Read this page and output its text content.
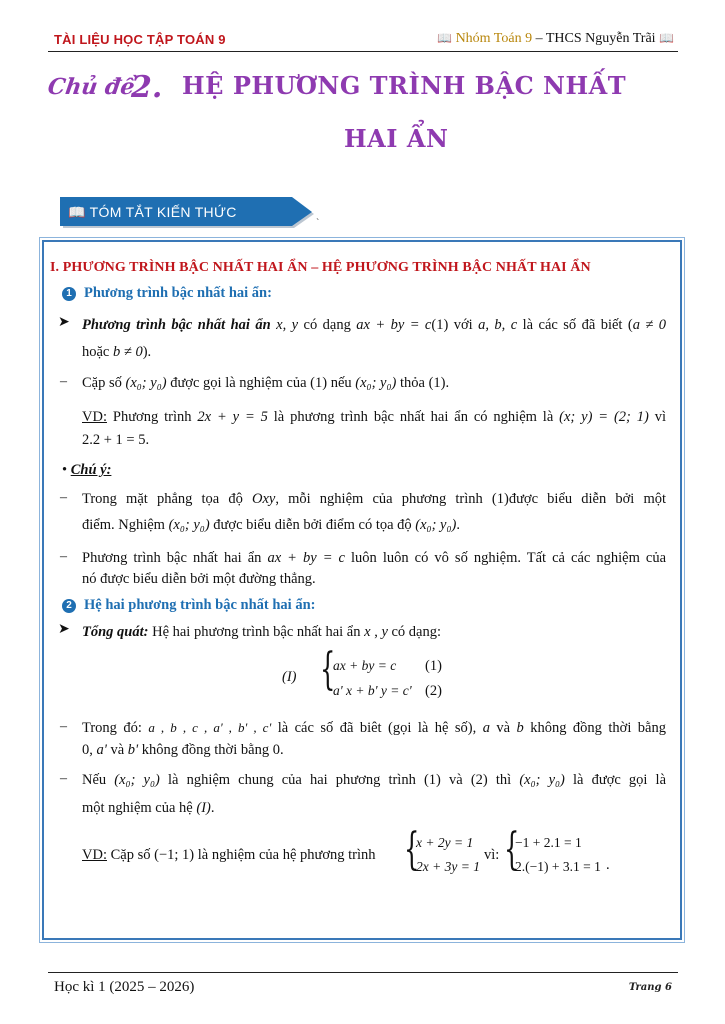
TÀI LIỆU HỌC TẬP TOÁN 9	📖 Nhóm Toán 9 – THCS Nguyễn Trãi 📖
Chủ đề
2. HỆ PHƯƠNG TRÌNH BẬC NHẤT
HAI ẨN
📖 TÓM TẮT KIẾN THỨC
`
I. PHƯƠNG TRÌNH BẬC NHẤT HAI ẨN – HỆ PHƯƠNG TRÌNH BẬC NHẤT HAI ẨN
1 Phương trình bậc nhất hai ẩn:
➤ Phương trình bậc nhất hai ẩn x, y có dạng ax + by = c(1) với a, b, c là các số đã biết (a ≠ 0
hoặc b ≠ 0).
– Cặp số (x₀; y₀) được gọi là nghiệm của (1) nếu (x₀; y₀) thỏa (1).
VD: Phương trình 2x + y = 5 là phương trình bậc nhất hai ẩn có nghiệm là (x; y) = (2; 1) vì
2.2 + 1 = 5.
• Chú ý:
– Trong mặt phẳng tọa độ Oxy, mỗi nghiệm của phương trình (1)được biểu diễn bởi một
điểm. Nghiệm (x₀; y₀) được biểu diễn bởi điểm có tọa độ (x₀; y₀).
– Phương trình bậc nhất hai ẩn ax + by = c luôn luôn có vô số nghiệm. Tất cả các nghiệm của
nó được biểu diễn bởi một đường thẳng.
2 Hệ hai phương trình bậc nhất hai ẩn:
➤ Tổng quát: Hệ hai phương trình bậc nhất hai ẩn x , y có dạng:
(I) {
ax + by = c (1)
a' x + b' y = c' (2)
– Trong đó: a , b , c , a' , b' , c' là các số đã biêt (gọi là hệ số), a và b không đồng thời bằng
0, a' và b' không đồng thời bằng 0.
– Nếu (x₀; y₀) là nghiệm chung của hai phương trình (1) và (2) thì (x₀; y₀) là được gọi là
một nghiệm của hệ (I).
VD: Cặp số (−1; 1) là nghiệm của hệ phương trình {
x + 2y = 1
2x + 3y = 1
vì: {
−1 + 2.1 = 1
2.(−1) + 3.1 = 1 .
Học kì 1 (2025 – 2026)	Trang 6
